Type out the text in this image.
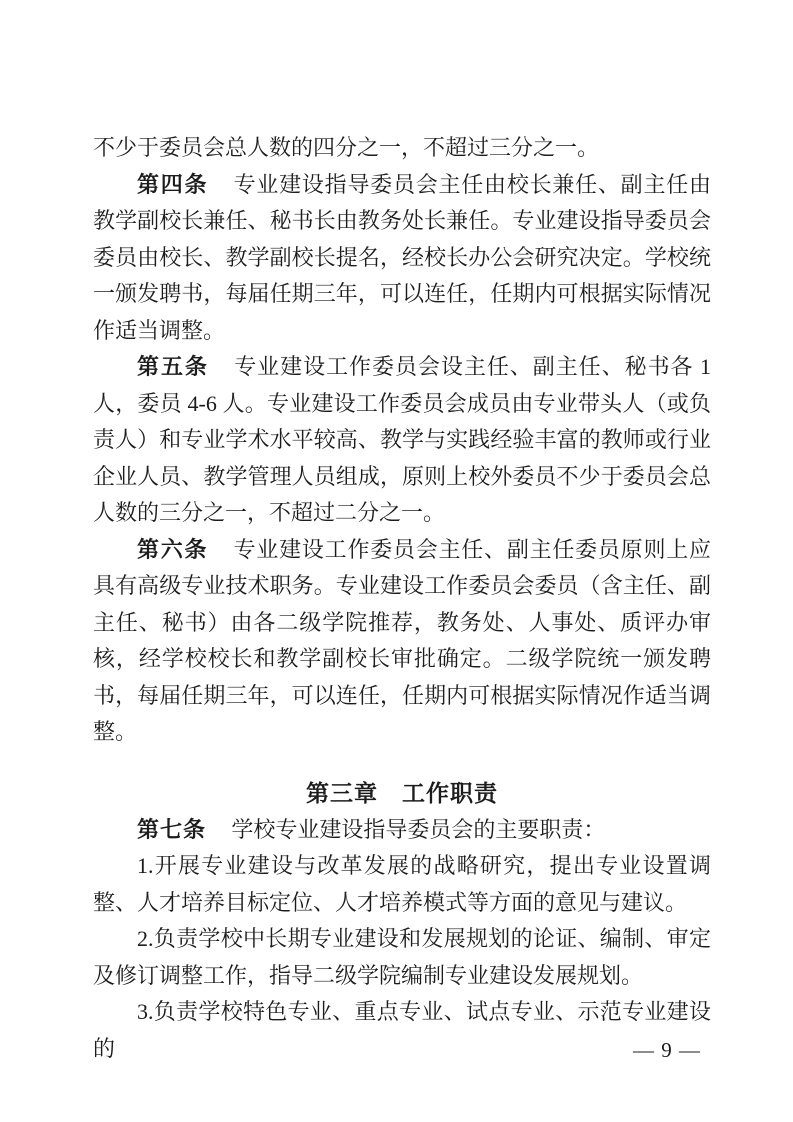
不少于委员会总人数的四分之一，不超过三分之一。

第四条 专业建设指导委员会主任由校长兼任、副主任由教学副校长兼任、秘书长由教务处长兼任。专业建设指导委员会委员由校长、教学副校长提名，经校长办公会研究决定。学校统一颁发聘书，每届任期三年，可以连任，任期内可根据实际情况作适当调整。

第五条 专业建设工作委员会设主任、副主任、秘书各 1 人，委员 4-6 人。专业建设工作委员会成员由专业带头人（或负责人）和专业学术水平较高、教学与实践经验丰富的教师或行业企业人员、教学管理人员组成，原则上校外委员不少于委员会总人数的三分之一，不超过二分之一。

第六条 专业建设工作委员会主任、副主任委员原则上应具有高级专业技术职务。专业建设工作委员会委员（含主任、副主任、秘书）由各二级学院推荐，教务处、人事处、质评办审核，经学校校长和教学副校长审批确定。二级学院统一颁发聘书，每届任期三年，可以连任，任期内可根据实际情况作适当调整。

第三章　工作职责

第七条 学校专业建设指导委员会的主要职责：

1.开展专业建设与改革发展的战略研究，提出专业设置调整、人才培养目标定位、人才培养模式等方面的意见与建议。

2.负责学校中长期专业建设和发展规划的论证、编制、审定及修订调整工作，指导二级学院编制专业建设发展规划。

3.负责学校特色专业、重点专业、试点专业、示范专业建设的	— 9 —
